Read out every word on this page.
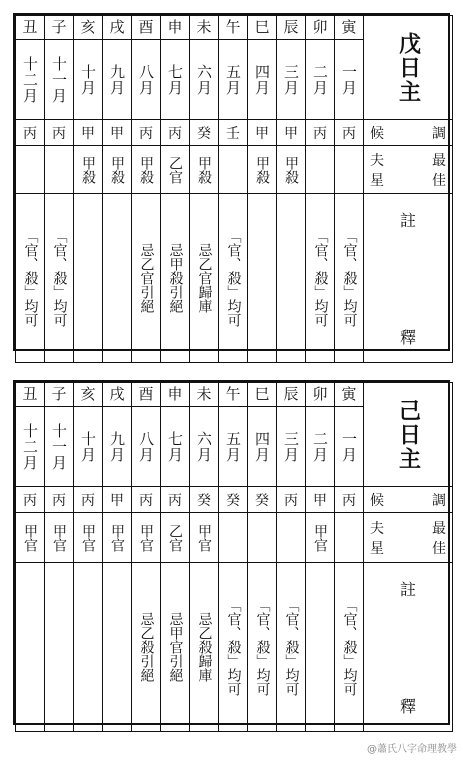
丑	子	亥	戌	酉	申	未	午	巳	辰	卯	寅	戊日主

十二月	十一月	十月	九月	八月	七月	六月	五月	四月	三月	二月	一月	

丙	丙	甲	甲	丙	丙	癸	壬	甲	甲	丙	丙	候 調

		甲殺	甲殺	甲殺	乙官	甲殺		甲殺	甲殺			夫 最
星 佳

「官、殺」均可	「官、殺」均可			忌乙官引絕	忌甲殺引絕	忌乙官歸庫	「官、殺」均可			「官、殺」均可	「官、殺」均可	註
釋
丑	子	亥	戌	酉	申	未	午	巳	辰	卯	寅	己日主

十二月	十一月	十月	九月	八月	七月	六月	五月	四月	三月	二月	一月	

丙	丙	丙	甲	丙	丙	癸	癸	癸	丙	甲	丙	候 調

甲官	甲官	甲官	甲官	甲官	乙官	甲官				甲官		夫 最
星 佳

				忌乙殺引絕	忌甲官引絕	忌乙殺歸庫	「官、殺」均可	「官、殺」均可	「官、殺」均可		「官、殺」均可	註
釋
@蕭氏八字命理教學
